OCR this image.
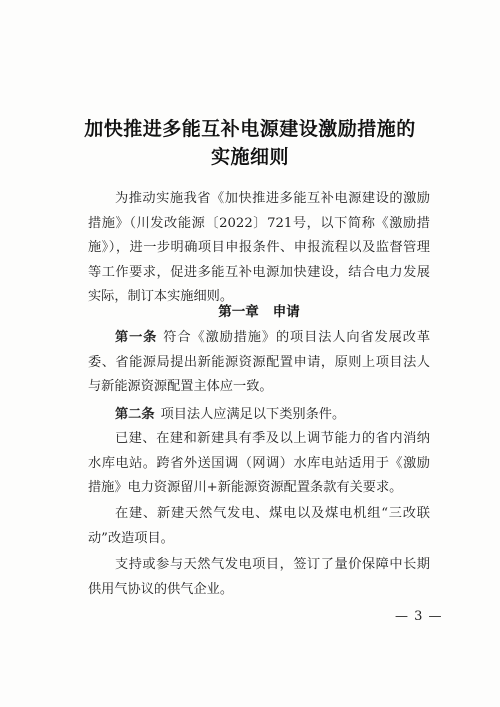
加快推进多能互补电源建设激励措施的
实施细则
为推动实施我省《加快推进多能互补电源建设的激励措施》（川发改能源〔2022〕721号，以下简称《激励措施》），进一步明确项目申报条件、申报流程以及监督管理等工作要求，促进多能互补电源加快建设，结合电力发展实际，制订本实施细则。
第一章 申请
第一条 符合《激励措施》的项目法人向省发展改革委、省能源局提出新能源资源配置申请，原则上项目法人与新能源资源配置主体应一致。
第二条 项目法人应满足以下类别条件。
已建、在建和新建具有季及以上调节能力的省内消纳水库电站。跨省外送国调（网调）水库电站适用于《激励措施》电力资源留川+新能源资源配置条款有关要求。
在建、新建天然气发电、煤电以及煤电机组“三改联动”改造项目。
支持或参与天然气发电项目，签订了量价保障中长期供用气协议的供气企业。
— 3 —
